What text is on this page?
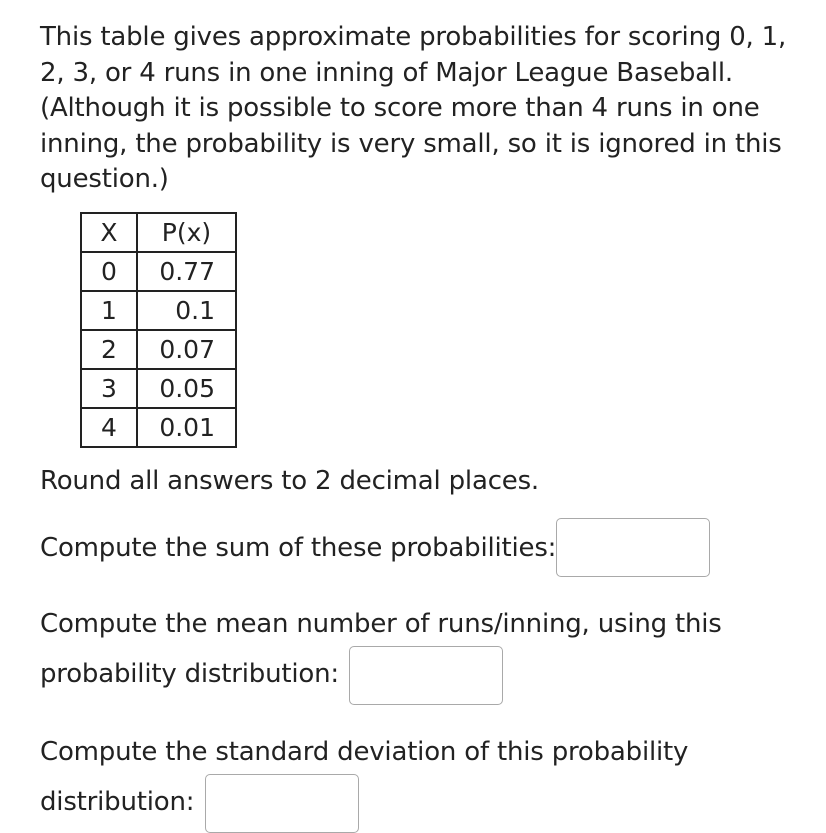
This table gives approximate probabilities for scoring 0, 1, 2, 3, or 4 runs in one inning of Major League Baseball. (Although it is possible to score more than 4 runs in one inning, the probability is very small, so it is ignored in this question.)

X	P(x)
0	0.77
1	0.1
2	0.07
3	0.05
4	0.01

Round all answers to 2 decimal places.

Compute the sum of these probabilities:

Compute the mean number of runs/inning, using this

probability distribution:

Compute the standard deviation of this probability

distribution:
